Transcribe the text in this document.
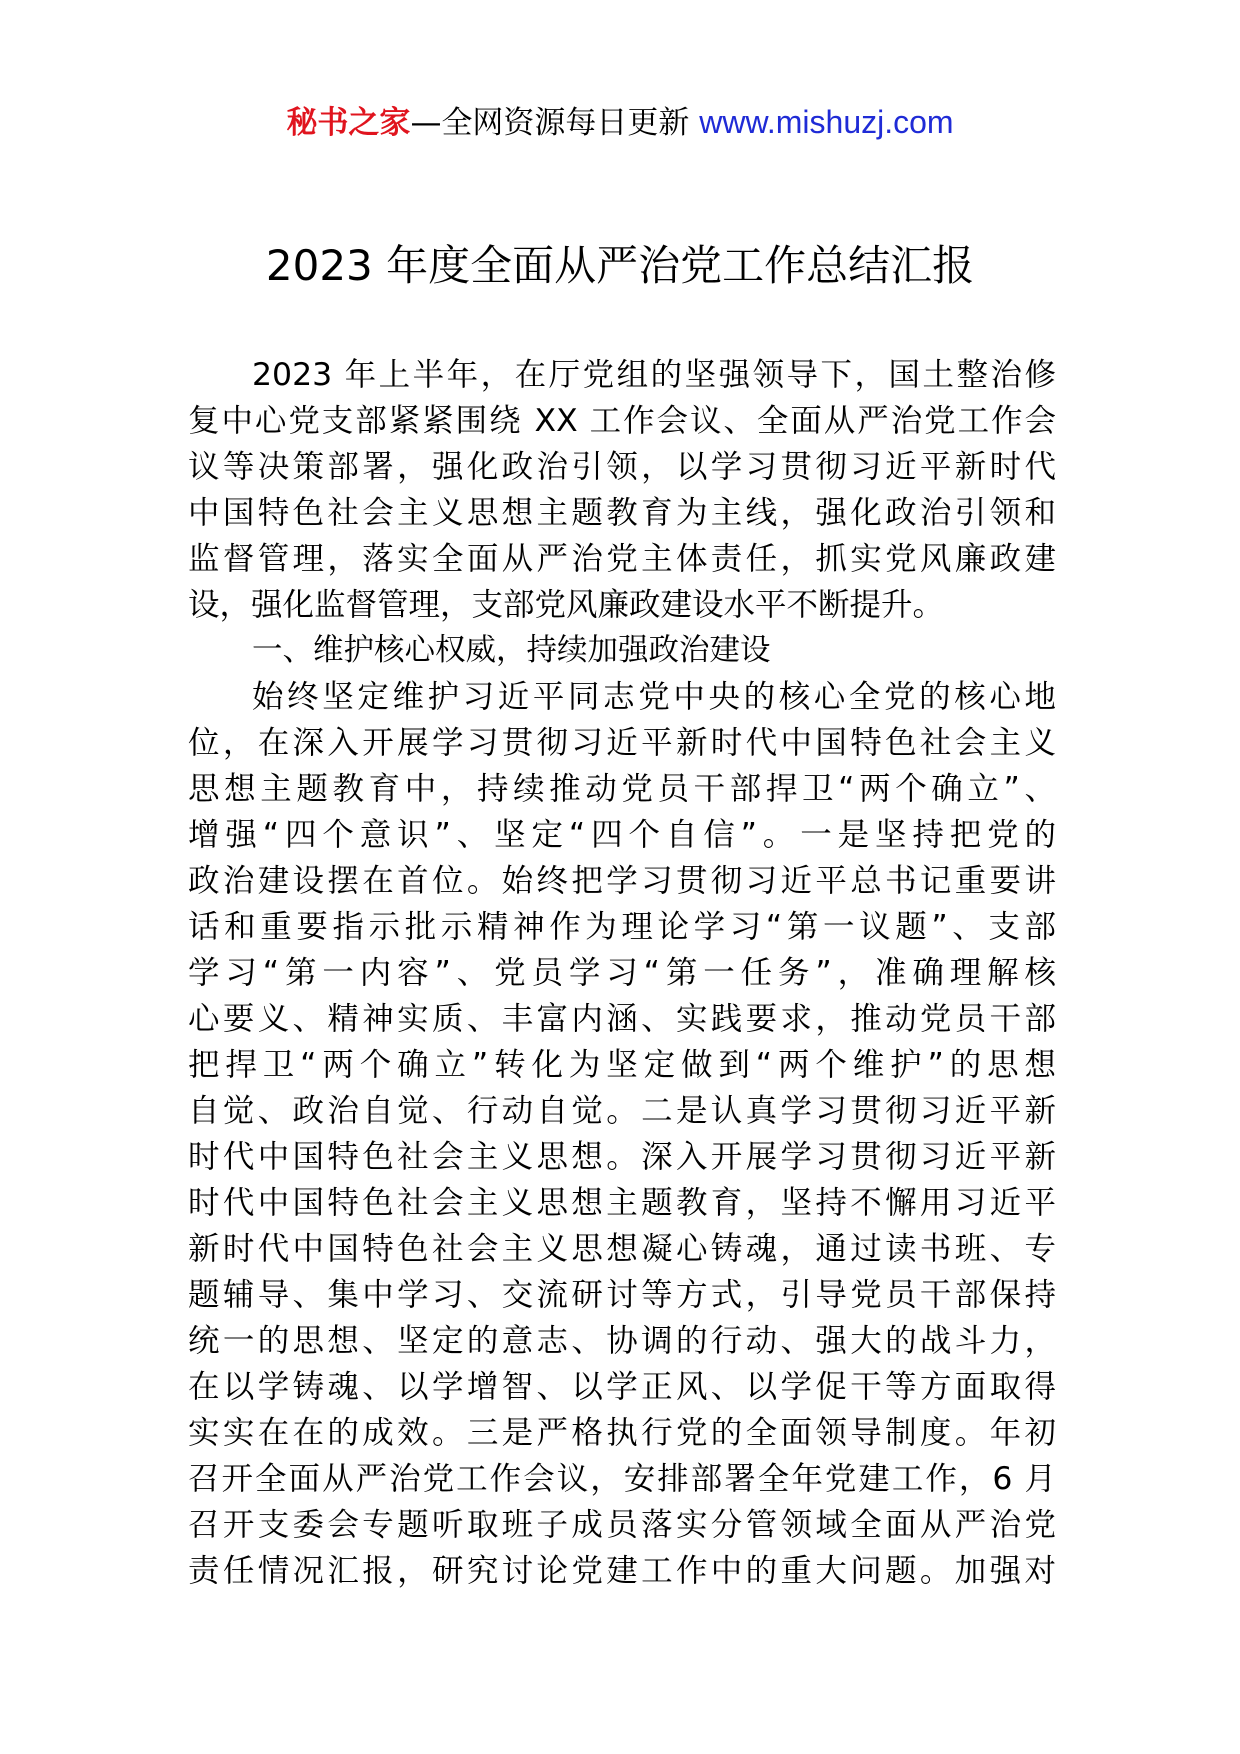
秘书之家—全网资源每日更新 www.mishuzj.com
2023 年度全面从严治党工作总结汇报
2023 年上半年，在厅党组的坚强领导下，国土整治修
复中心党支部紧紧围绕 XX 工作会议、全面从严治党工作会
议等决策部署，强化政治引领，以学习贯彻习近平新时代
中国特色社会主义思想主题教育为主线，强化政治引领和
监督管理，落实全面从严治党主体责任，抓实党风廉政建
设，强化监督管理，支部党风廉政建设水平不断提升。
一、维护核心权威，持续加强政治建设
始终坚定维护习近平同志党中央的核心全党的核心地
位，在深入开展学习贯彻习近平新时代中国特色社会主义
思想主题教育中，持续推动党员干部捍卫“两个确立”、
增强“四个意识”、坚定“四个自信”。一是坚持把党的
政治建设摆在首位。始终把学习贯彻习近平总书记重要讲
话和重要指示批示精神作为理论学习“第一议题”、支部
学习“第一内容”、党员学习“第一任务”，准确理解核
心要义、精神实质、丰富内涵、实践要求，推动党员干部
把捍卫“两个确立”转化为坚定做到“两个维护”的思想
自觉、政治自觉、行动自觉。二是认真学习贯彻习近平新
时代中国特色社会主义思想。深入开展学习贯彻习近平新
时代中国特色社会主义思想主题教育，坚持不懈用习近平
新时代中国特色社会主义思想凝心铸魂，通过读书班、专
题辅导、集中学习、交流研讨等方式，引导党员干部保持
统一的思想、坚定的意志、协调的行动、强大的战斗力，
在以学铸魂、以学增智、以学正风、以学促干等方面取得
实实在在的成效。三是严格执行党的全面领导制度。年初
召开全面从严治党工作会议，安排部署全年党建工作，6 月
召开支委会专题听取班子成员落实分管领域全面从严治党
责任情况汇报，研究讨论党建工作中的重大问题。加强对
